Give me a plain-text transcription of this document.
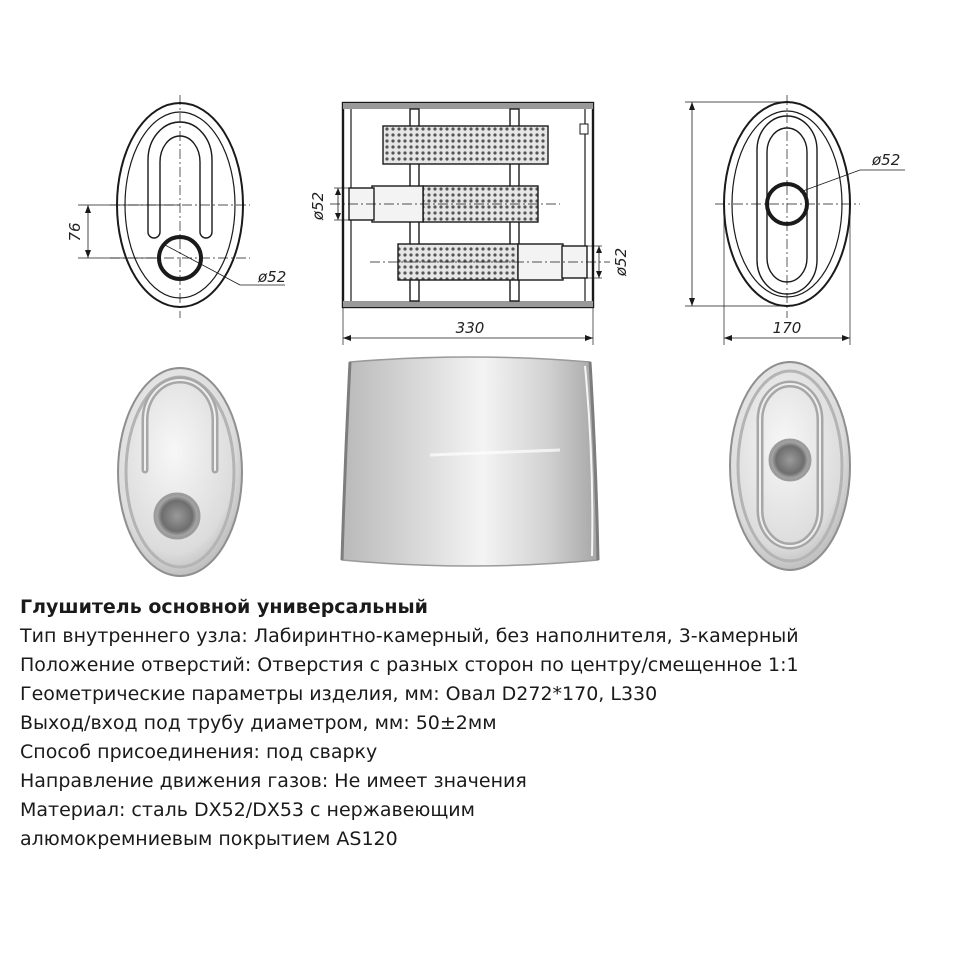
76
ø52
ø52
ø52
330
ø52
170

Глушитель основной универсальный

Тип внутреннего узла: Лабиринтно-камерный, без наполнителя, 3-камерный

Положение отверстий: Отверстия с разных сторон по центру/смещенное 1:1

Геометрические параметры изделия, мм: Овал D272*170, L330

Выход/вход под трубу диаметром, мм: 50±2мм

Способ присоединения: под сварку

Направление движения газов: Не имеет значения

Материал: сталь DX52/DX53 с нержавеющим

алюмокремниевым покрытием AS120
